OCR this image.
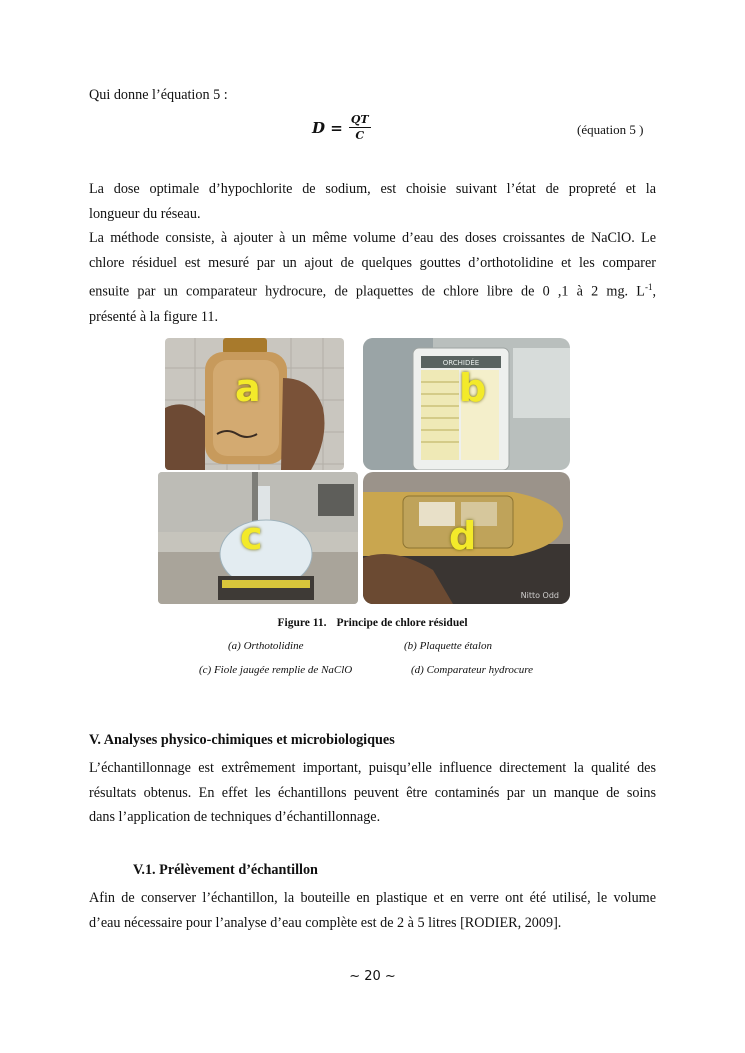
Qui donne l’équation 5 :
$D = \frac{QT}{C}$	(équation 5 )
La dose optimale d’hypochlorite de sodium, est choisie suivant l’état de propreté et la
longueur du réseau.
La méthode consiste, à ajouter à un même volume d’eau des doses croissantes de NaClO. Le
chlore résiduel est mesuré par un ajout de quelques gouttes d’orthotolidine et les comparer
ensuite par un comparateur hydrocure, de plaquettes de chlore libre de 0 ,1 à 2 mg. $L^{-1}$,
présenté à la figure 11.
a
ORCHIDÉE
b
c
Nitto Odd
d
Figure 11. Principe de chlore résiduel
(a) Orthotolidine	(b) Plaquette étalon
(c) Fiole jaugée remplie de NaClO	(d) Comparateur hydrocure
V. Analyses physico-chimiques et microbiologiques
L’échantillonnage est extrêmement important, puisqu’elle influence directement la qualité des
résultats obtenus. En effet les échantillons peuvent être contaminés par un manque de soins
dans l’application de techniques d’échantillonnage.
V.1. Prélèvement d’échantillon
Afin de conserver l’échantillon, la bouteille en plastique et en verre ont été utilisé, le volume
d’eau nécessaire pour l’analyse d’eau complète est de 2 à 5 litres [RODIER, 2009].
~ 20 ~
